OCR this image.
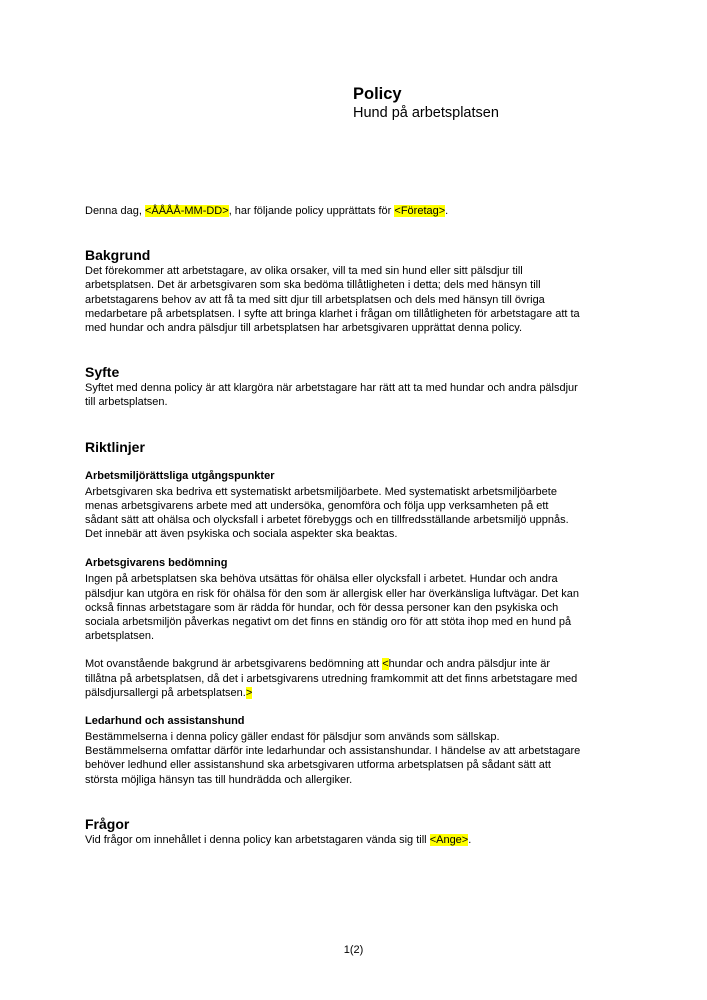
Policy

Hund på arbetsplatsen

Denna dag, <ÅÅÅÅ-MM-DD>, har följande policy upprättats för <Företag>.

Bakgrund

Det förekommer att arbetstagare, av olika orsaker, vill ta med sin hund eller sitt pälsdjur till
arbetsplatsen. Det är arbetsgivaren som ska bedöma tillåtligheten i detta; dels med hänsyn till
arbetstagarens behov av att få ta med sitt djur till arbetsplatsen och dels med hänsyn till övriga
medarbetare på arbetsplatsen. I syfte att bringa klarhet i frågan om tillåtligheten för arbetstagare att ta
med hundar och andra pälsdjur till arbetsplatsen har arbetsgivaren upprättat denna policy.

Syfte

Syftet med denna policy är att klargöra när arbetstagare har rätt att ta med hundar och andra pälsdjur
till arbetsplatsen.

Riktlinjer
Arbetsmiljörättsliga utgångspunkter

Arbetsgivaren ska bedriva ett systematiskt arbetsmiljöarbete. Med systematiskt arbetsmiljöarbete
menas arbetsgivarens arbete med att undersöka, genomföra och följa upp verksamheten på ett
sådant sätt att ohälsa och olycksfall i arbetet förebyggs och en tillfredsställande arbetsmiljö uppnås.
Det innebär att även psykiska och sociala aspekter ska beaktas.

Arbetsgivarens bedömning

Ingen på arbetsplatsen ska behöva utsättas för ohälsa eller olycksfall i arbetet. Hundar och andra
pälsdjur kan utgöra en risk för ohälsa för den som är allergisk eller har överkänsliga luftvägar. Det kan
också finnas arbetstagare som är rädda för hundar, och för dessa personer kan den psykiska och
sociala arbetsmiljön påverkas negativt om det finns en ständig oro för att stöta ihop med en hund på
arbetsplatsen.

Mot ovanstående bakgrund är arbetsgivarens bedömning att <hundar och andra pälsdjur inte är
tillåtna på arbetsplatsen, då det i arbetsgivarens utredning framkommit att det finns arbetstagare med
pälsdjursallergi på arbetsplatsen.>

Ledarhund och assistanshund

Bestämmelserna i denna policy gäller endast för pälsdjur som används som sällskap.
Bestämmelserna omfattar därför inte ledarhundar och assistanshundar. I händelse av att arbetstagare
behöver ledhund eller assistanshund ska arbetsgivaren utforma arbetsplatsen på sådant sätt att
största möjliga hänsyn tas till hundrädda och allergiker.

Frågor

Vid frågor om innehållet i denna policy kan arbetstagaren vända sig till <Ange>.

1(2)
